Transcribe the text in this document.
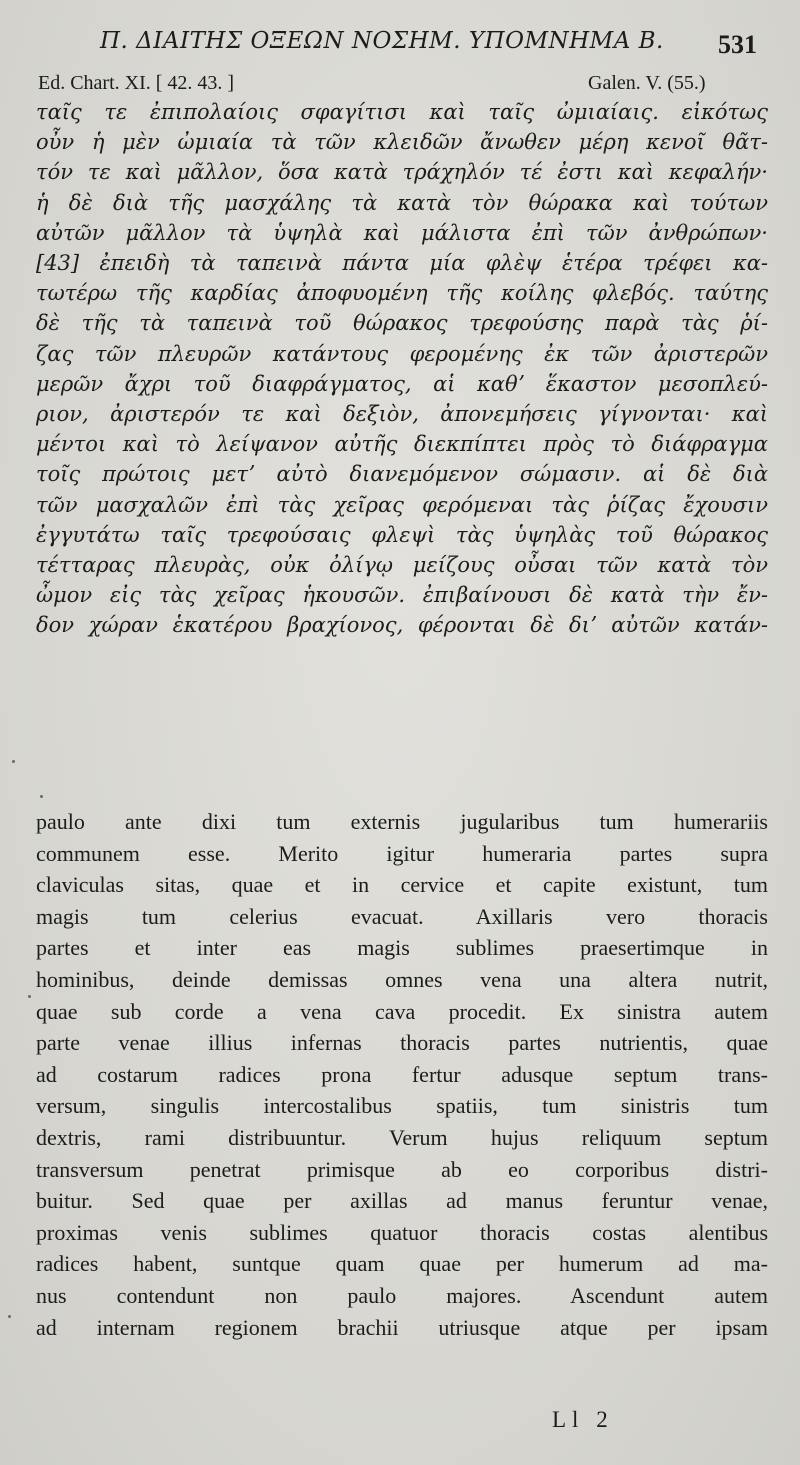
Π. ΔΙΑΙΤΗΣ ΟΞΕΩΝ ΝΟΣΗΜ. ΥΠΟΜΝΗΜΑ Β.	531
Ed. Chart. XI. [ 42. 43. ]	Galen. V. (55.)
ταῖς τε ἐπιπολαίοις σφαγίτισι καὶ ταῖς ὠμιαίαις. εἰκότως
οὖν ἡ μὲν ὠμιαία τὰ τῶν κλειδῶν ἄνωθεν μέρη κενοῖ θᾶτ-
τόν τε καὶ μᾶλλον, ὅσα κατὰ τράχηλόν τέ ἐστι καὶ κεφαλήν·
ἡ δὲ διὰ τῆς μασχάλης τὰ κατὰ τὸν θώρακα καὶ τούτων
αὐτῶν μᾶλλον τὰ ὑψηλὰ καὶ μάλιστα ἐπὶ τῶν ἀνθρώπων·
[43] ἐπειδὴ τὰ ταπεινὰ πάντα μία φλὲψ ἑτέρα τρέφει κα-
τωτέρω τῆς καρδίας ἀποφυομένη τῆς κοίλης φλεβός. ταύτης
δὲ τῆς τὰ ταπεινὰ τοῦ θώρακος τρεφούσης παρὰ τὰς ῥί-
ζας τῶν πλευρῶν κατάντους φερομένης ἐκ τῶν ἀριστερῶν
μερῶν ἄχρι τοῦ διαφράγματος, αἱ καθʼ ἕκαστον μεσοπλεύ-
ριον, ἀριστερόν τε καὶ δεξιὸν, ἀπονεμήσεις γίγνονται· καὶ
μέντοι καὶ τὸ λείψανον αὐτῆς διεκπίπτει πρὸς τὸ διάφραγμα
τοῖς πρώτοις μετʼ αὐτὸ διανεμόμενον σώμασιν. αἱ δὲ διὰ
τῶν μασχαλῶν ἐπὶ τὰς χεῖρας φερόμεναι τὰς ῥίζας ἔχουσιν
ἐγγυτάτω ταῖς τρεφούσαις φλεψὶ τὰς ὑψηλὰς τοῦ θώρακος
τέτταρας πλευρὰς, οὐκ ὀλίγῳ μείζους οὖσαι τῶν κατὰ τὸν
ὦμον εἰς τὰς χεῖρας ἡκουσῶν. ἐπιβαίνουσι δὲ κατὰ τὴν ἔν-
δον χώραν ἑκατέρου βραχίονος, φέρονται δὲ διʼ αὐτῶν κατάν-
paulo ante dixi tum externis jugularibus tum humerariis
communem esse. Merito igitur humeraria partes supra
claviculas sitas, quae et in cervice et capite existunt, tum
magis tum celerius evacuat. Axillaris vero thoracis
partes et inter eas magis sublimes praesertimque in
hominibus, deinde demissas omnes vena una altera nutrit,
quae sub corde a vena cava procedit. Ex sinistra autem
parte venae illius infernas thoracis partes nutrientis, quae
ad costarum radices prona fertur adusque septum trans-
versum, singulis intercostalibus spatiis, tum sinistris tum
dextris, rami distribuuntur. Verum hujus reliquum septum
transversum penetrat primisque ab eo corporibus distri-
buitur. Sed quae per axillas ad manus feruntur venae,
proximas venis sublimes quatuor thoracis costas alentibus
radices habent, suntque quam quae per humerum ad ma-
nus contendunt non paulo majores. Ascendunt autem
ad internam regionem brachii utriusque atque per ipsam
Ll 2
